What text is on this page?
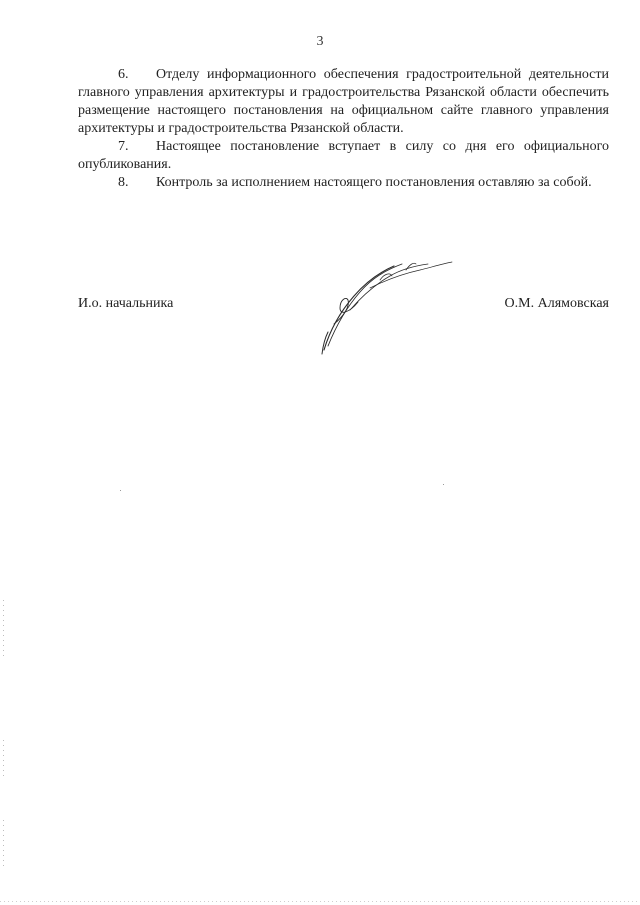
3

6. Отделу информационного обеспечения градостроительной деятельности главного управления архитектуры и градостроительства Рязанской области обеспечить размещение настоящего постановления на официальном сайте главного управления архитектуры и градостроительства Рязанской области.

7. Настоящее постановление вступает в силу со дня его официального опубликования.

8. Контроль за исполнением настоящего постановления оставляю за собой.

И.о. начальника	О.М. Алямовская
